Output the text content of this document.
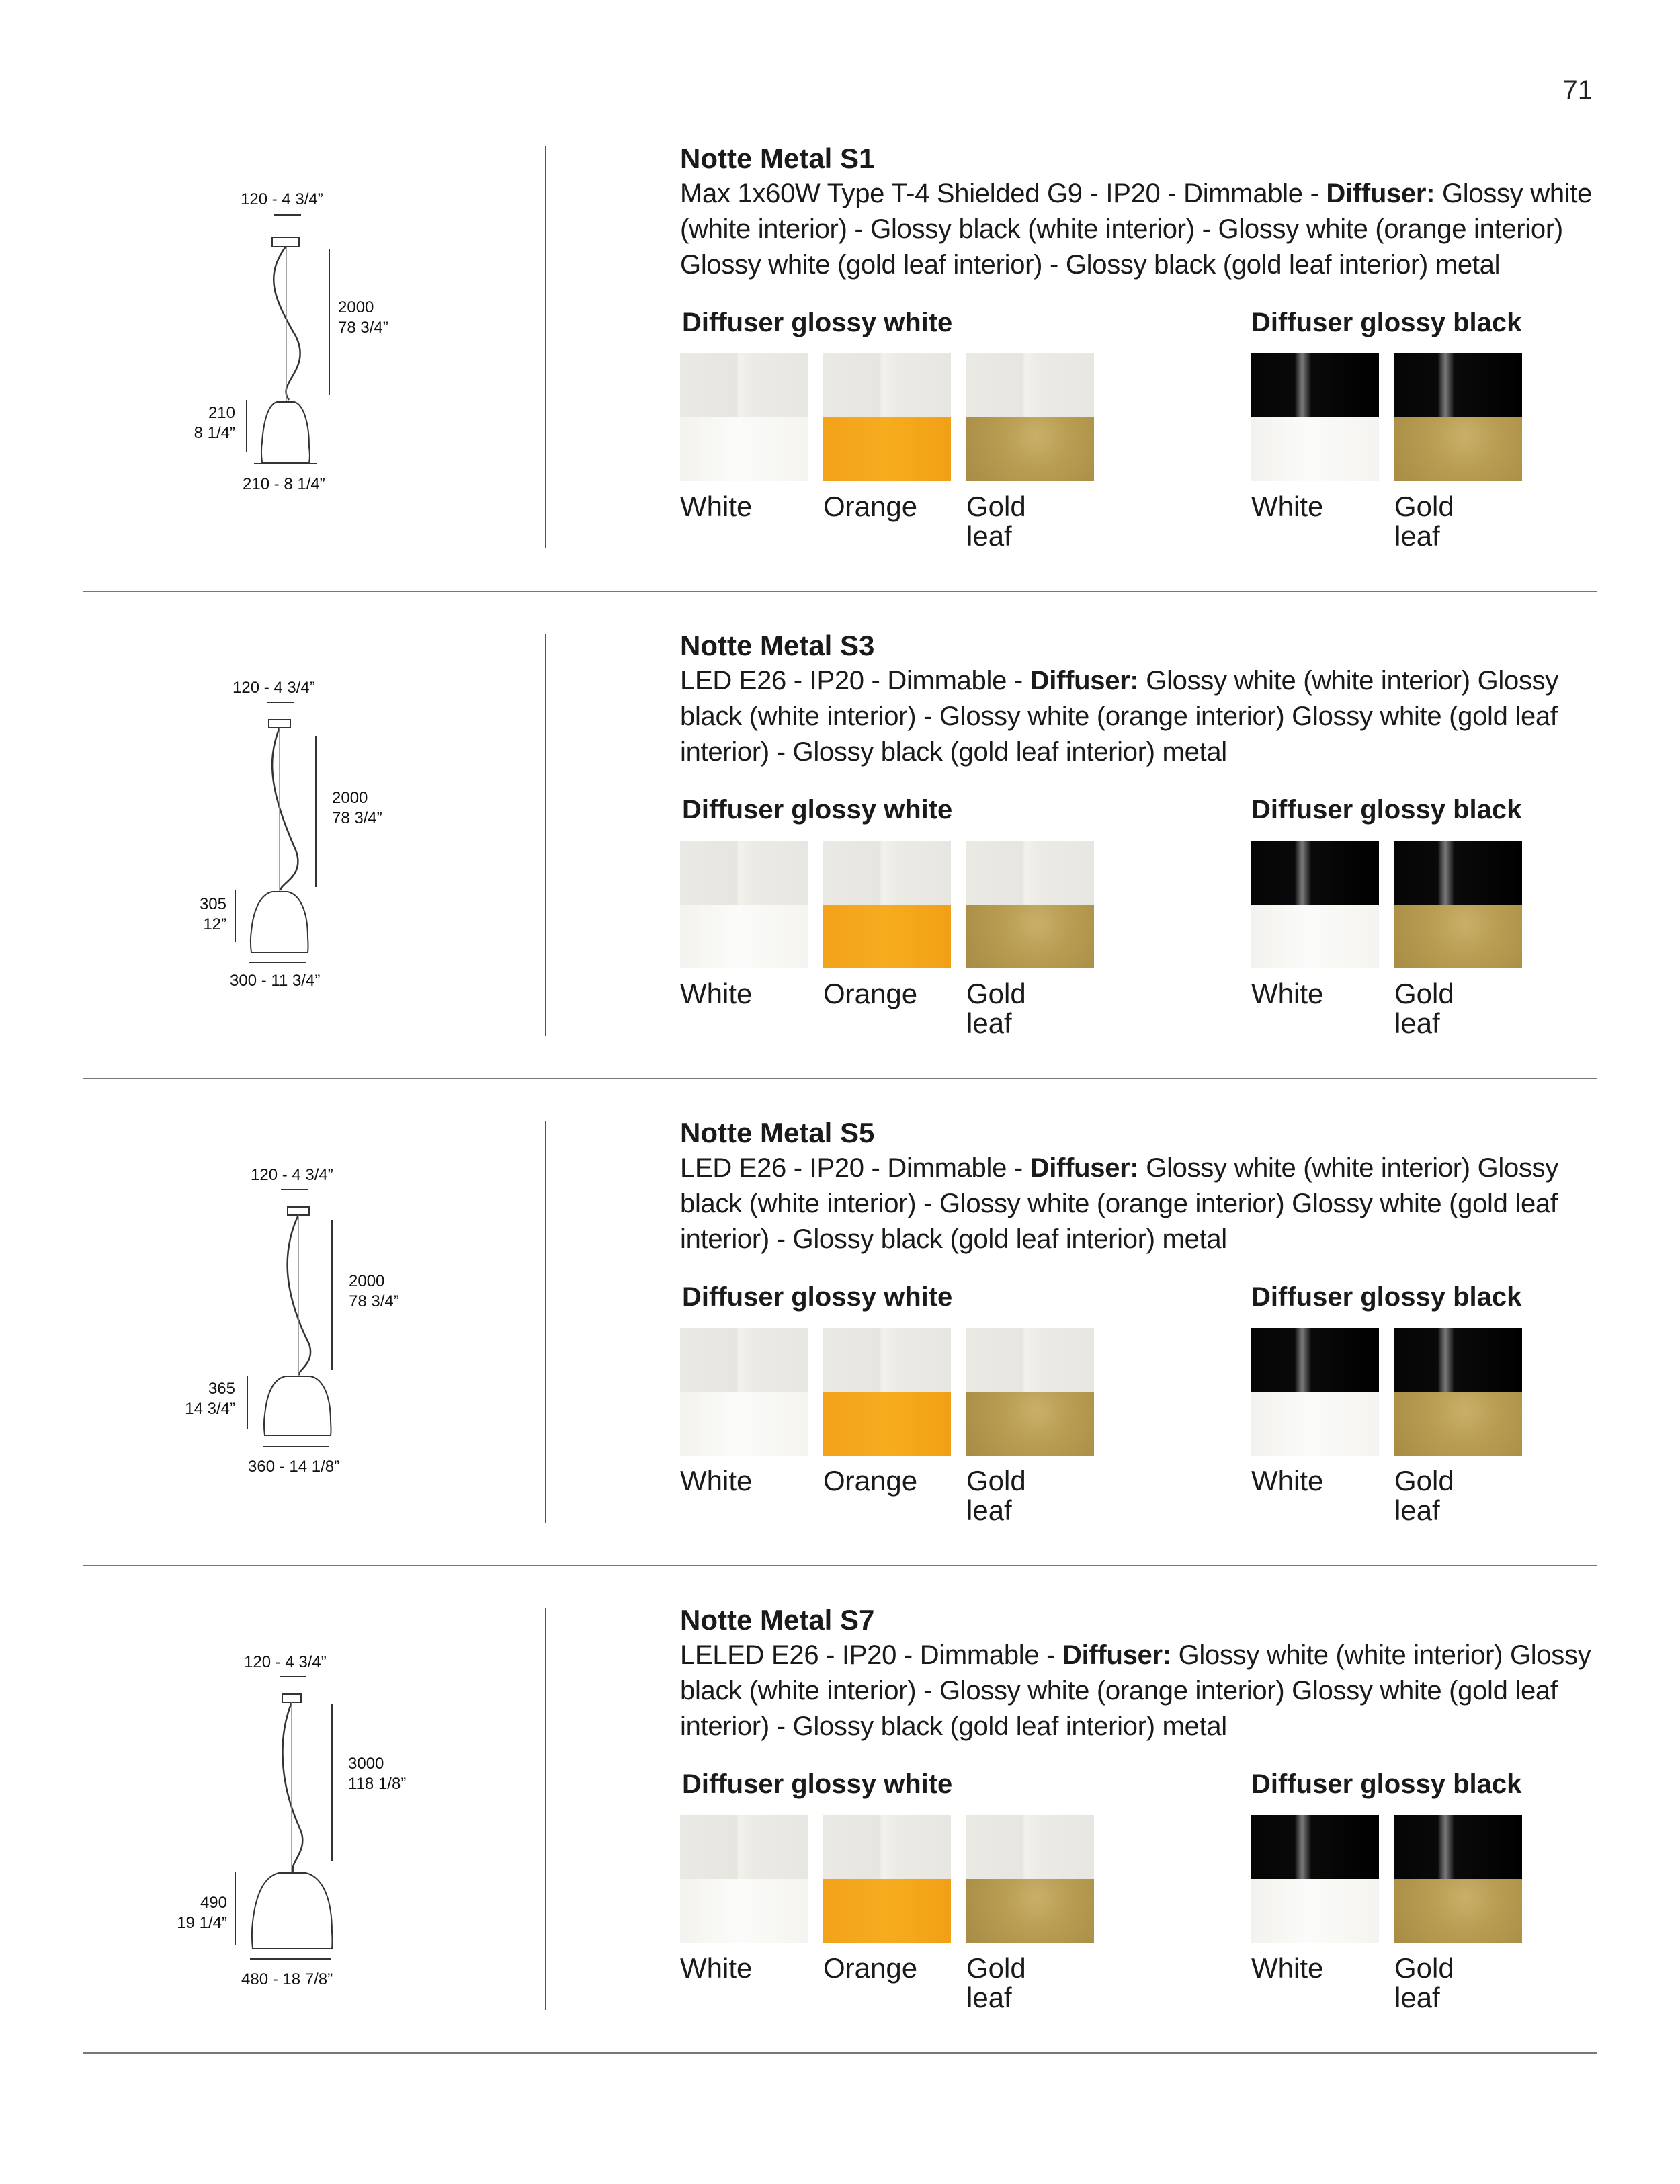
71
120 - 4 3/4”
2000
78 3/4”
210
8 1/4”
210 - 8 1/4”

Notte Metal S1

Max 1x60W Type T-4 Shielded G9 - IP20 - Dimmable - Diffuser: Glossy white (white interior) - Glossy black (white interior) - Glossy white (orange interior) Glossy white (gold leaf interior) - Glossy black (gold leaf interior) metal

Diffuser glossy white	Diffuser glossy black
White	Orange Gold
leaf
White	Gold
leaf
120 - 4 3/4”
2000
78 3/4”
305
12”
300 - 11 3/4”

Notte Metal S3

LED E26 - IP20 - Dimmable - Diffuser: Glossy white (white interior) Glossy black (white interior) - Glossy white (orange interior) Glossy white (gold leaf interior) - Glossy black (gold leaf interior) metal

Diffuser glossy white	Diffuser glossy black
White	Orange Gold
leaf
White	Gold
leaf
120 - 4 3/4”
2000
78 3/4”
365
14 3/4”
360 - 14 1/8”

Notte Metal S5

LED E26 - IP20 - Dimmable - Diffuser: Glossy white (white interior) Glossy black (white interior) - Glossy white (orange interior) Glossy white (gold leaf interior) - Glossy black (gold leaf interior) metal

Diffuser glossy white	Diffuser glossy black
White	Orange Gold
leaf
White	Gold
leaf
120 - 4 3/4”
3000
118 1/8”
490
19 1/4”
480 - 18 7/8”

Notte Metal S7

LELED E26 - IP20 - Dimmable - Diffuser: Glossy white (white interior) Glossy black (white interior) - Glossy white (orange interior) Glossy white (gold leaf interior) - Glossy black (gold leaf interior) metal

Diffuser glossy white	Diffuser glossy black
White	Orange Gold
leaf
White	Gold
leaf
